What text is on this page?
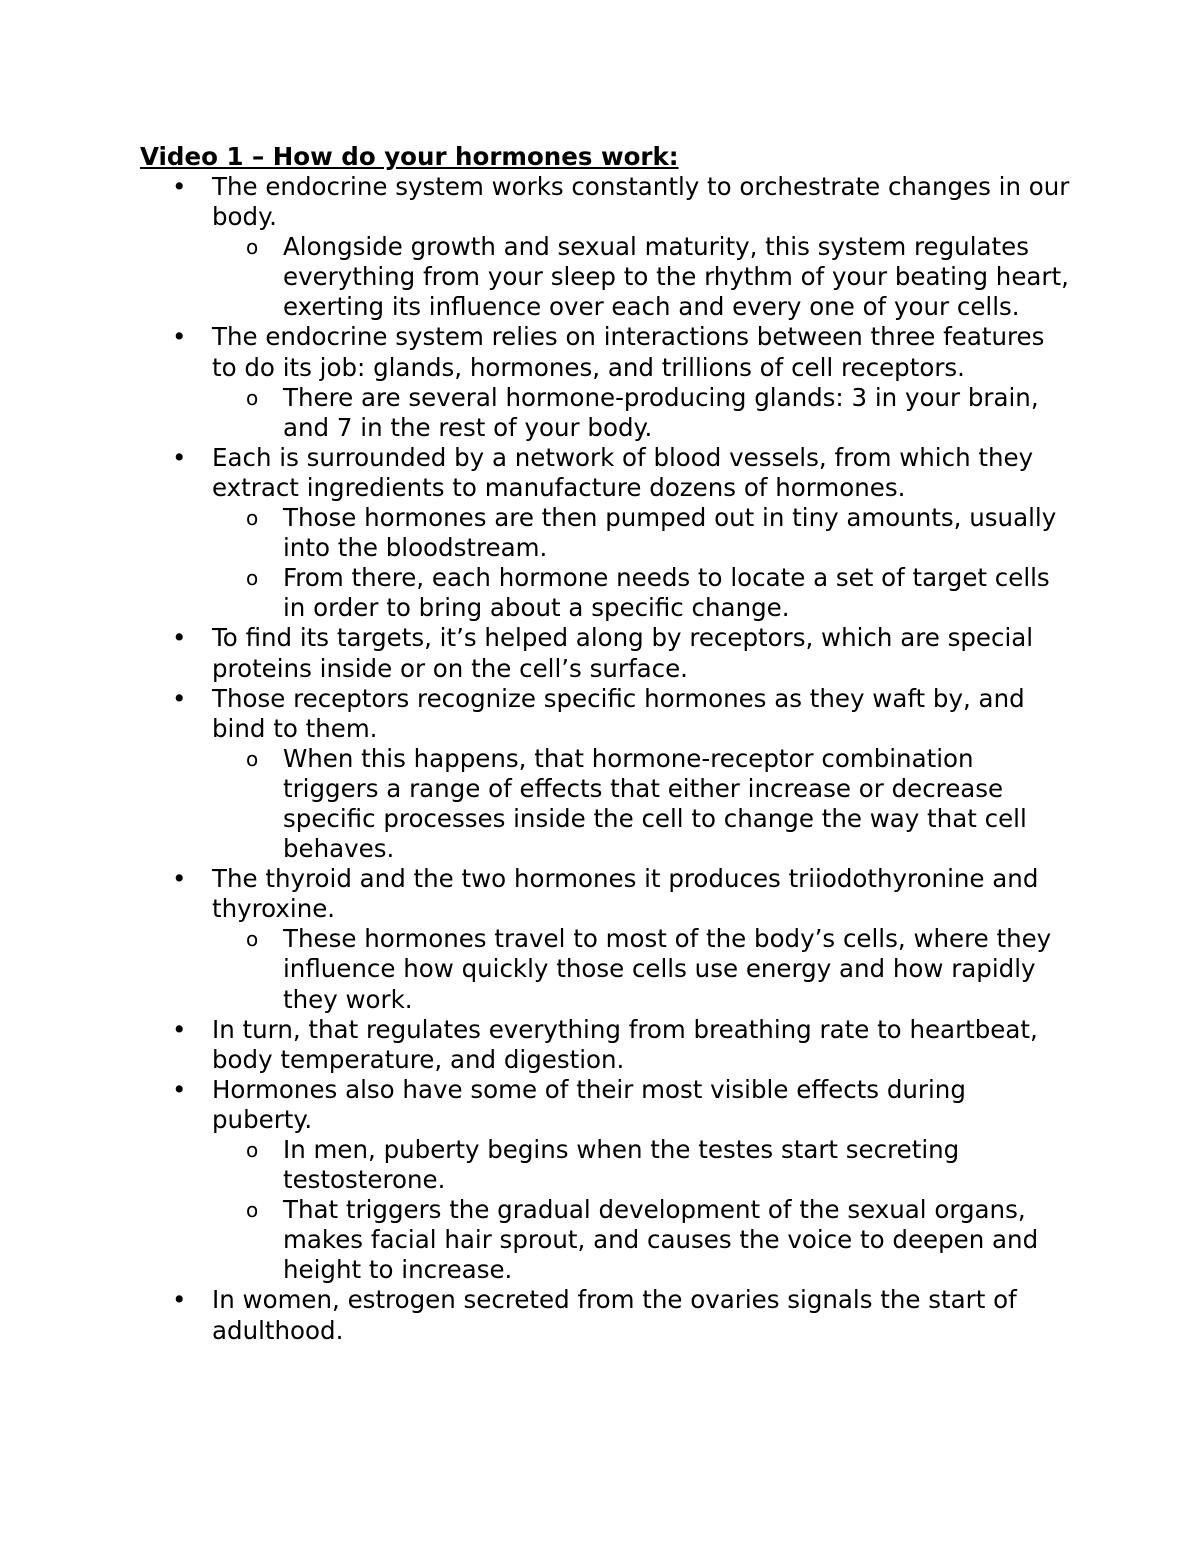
Video 1 – How do your hormones work:
• The endocrine system works constantly to orchestrate changes in our body.
o Alongside growth and sexual maturity, this system regulates everything from your sleep to the rhythm of your beating heart, exerting its influence over each and every one of your cells.
• The endocrine system relies on interactions between three features to do its job: glands, hormones, and trillions of cell receptors.
o There are several hormone-producing glands: 3 in your brain, and 7 in the rest of your body.
• Each is surrounded by a network of blood vessels, from which they extract ingredients to manufacture dozens of hormones.
o Those hormones are then pumped out in tiny amounts, usually into the bloodstream.
o From there, each hormone needs to locate a set of target cells in order to bring about a specific change.
• To find its targets, it’s helped along by receptors, which are special proteins inside or on the cell’s surface.
• Those receptors recognize specific hormones as they waft by, and bind to them.
o When this happens, that hormone-receptor combination triggers a range of effects that either increase or decrease specific processes inside the cell to change the way that cell behaves.
• The thyroid and the two hormones it produces triiodothyronine and thyroxine.
o These hormones travel to most of the body’s cells, where they influence how quickly those cells use energy and how rapidly they work.
• In turn, that regulates everything from breathing rate to heartbeat, body temperature, and digestion.
• Hormones also have some of their most visible effects during puberty.
o In men, puberty begins when the testes start secreting testosterone.
o That triggers the gradual development of the sexual organs, makes facial hair sprout, and causes the voice to deepen and height to increase.
• In women, estrogen secreted from the ovaries signals the start of adulthood.
